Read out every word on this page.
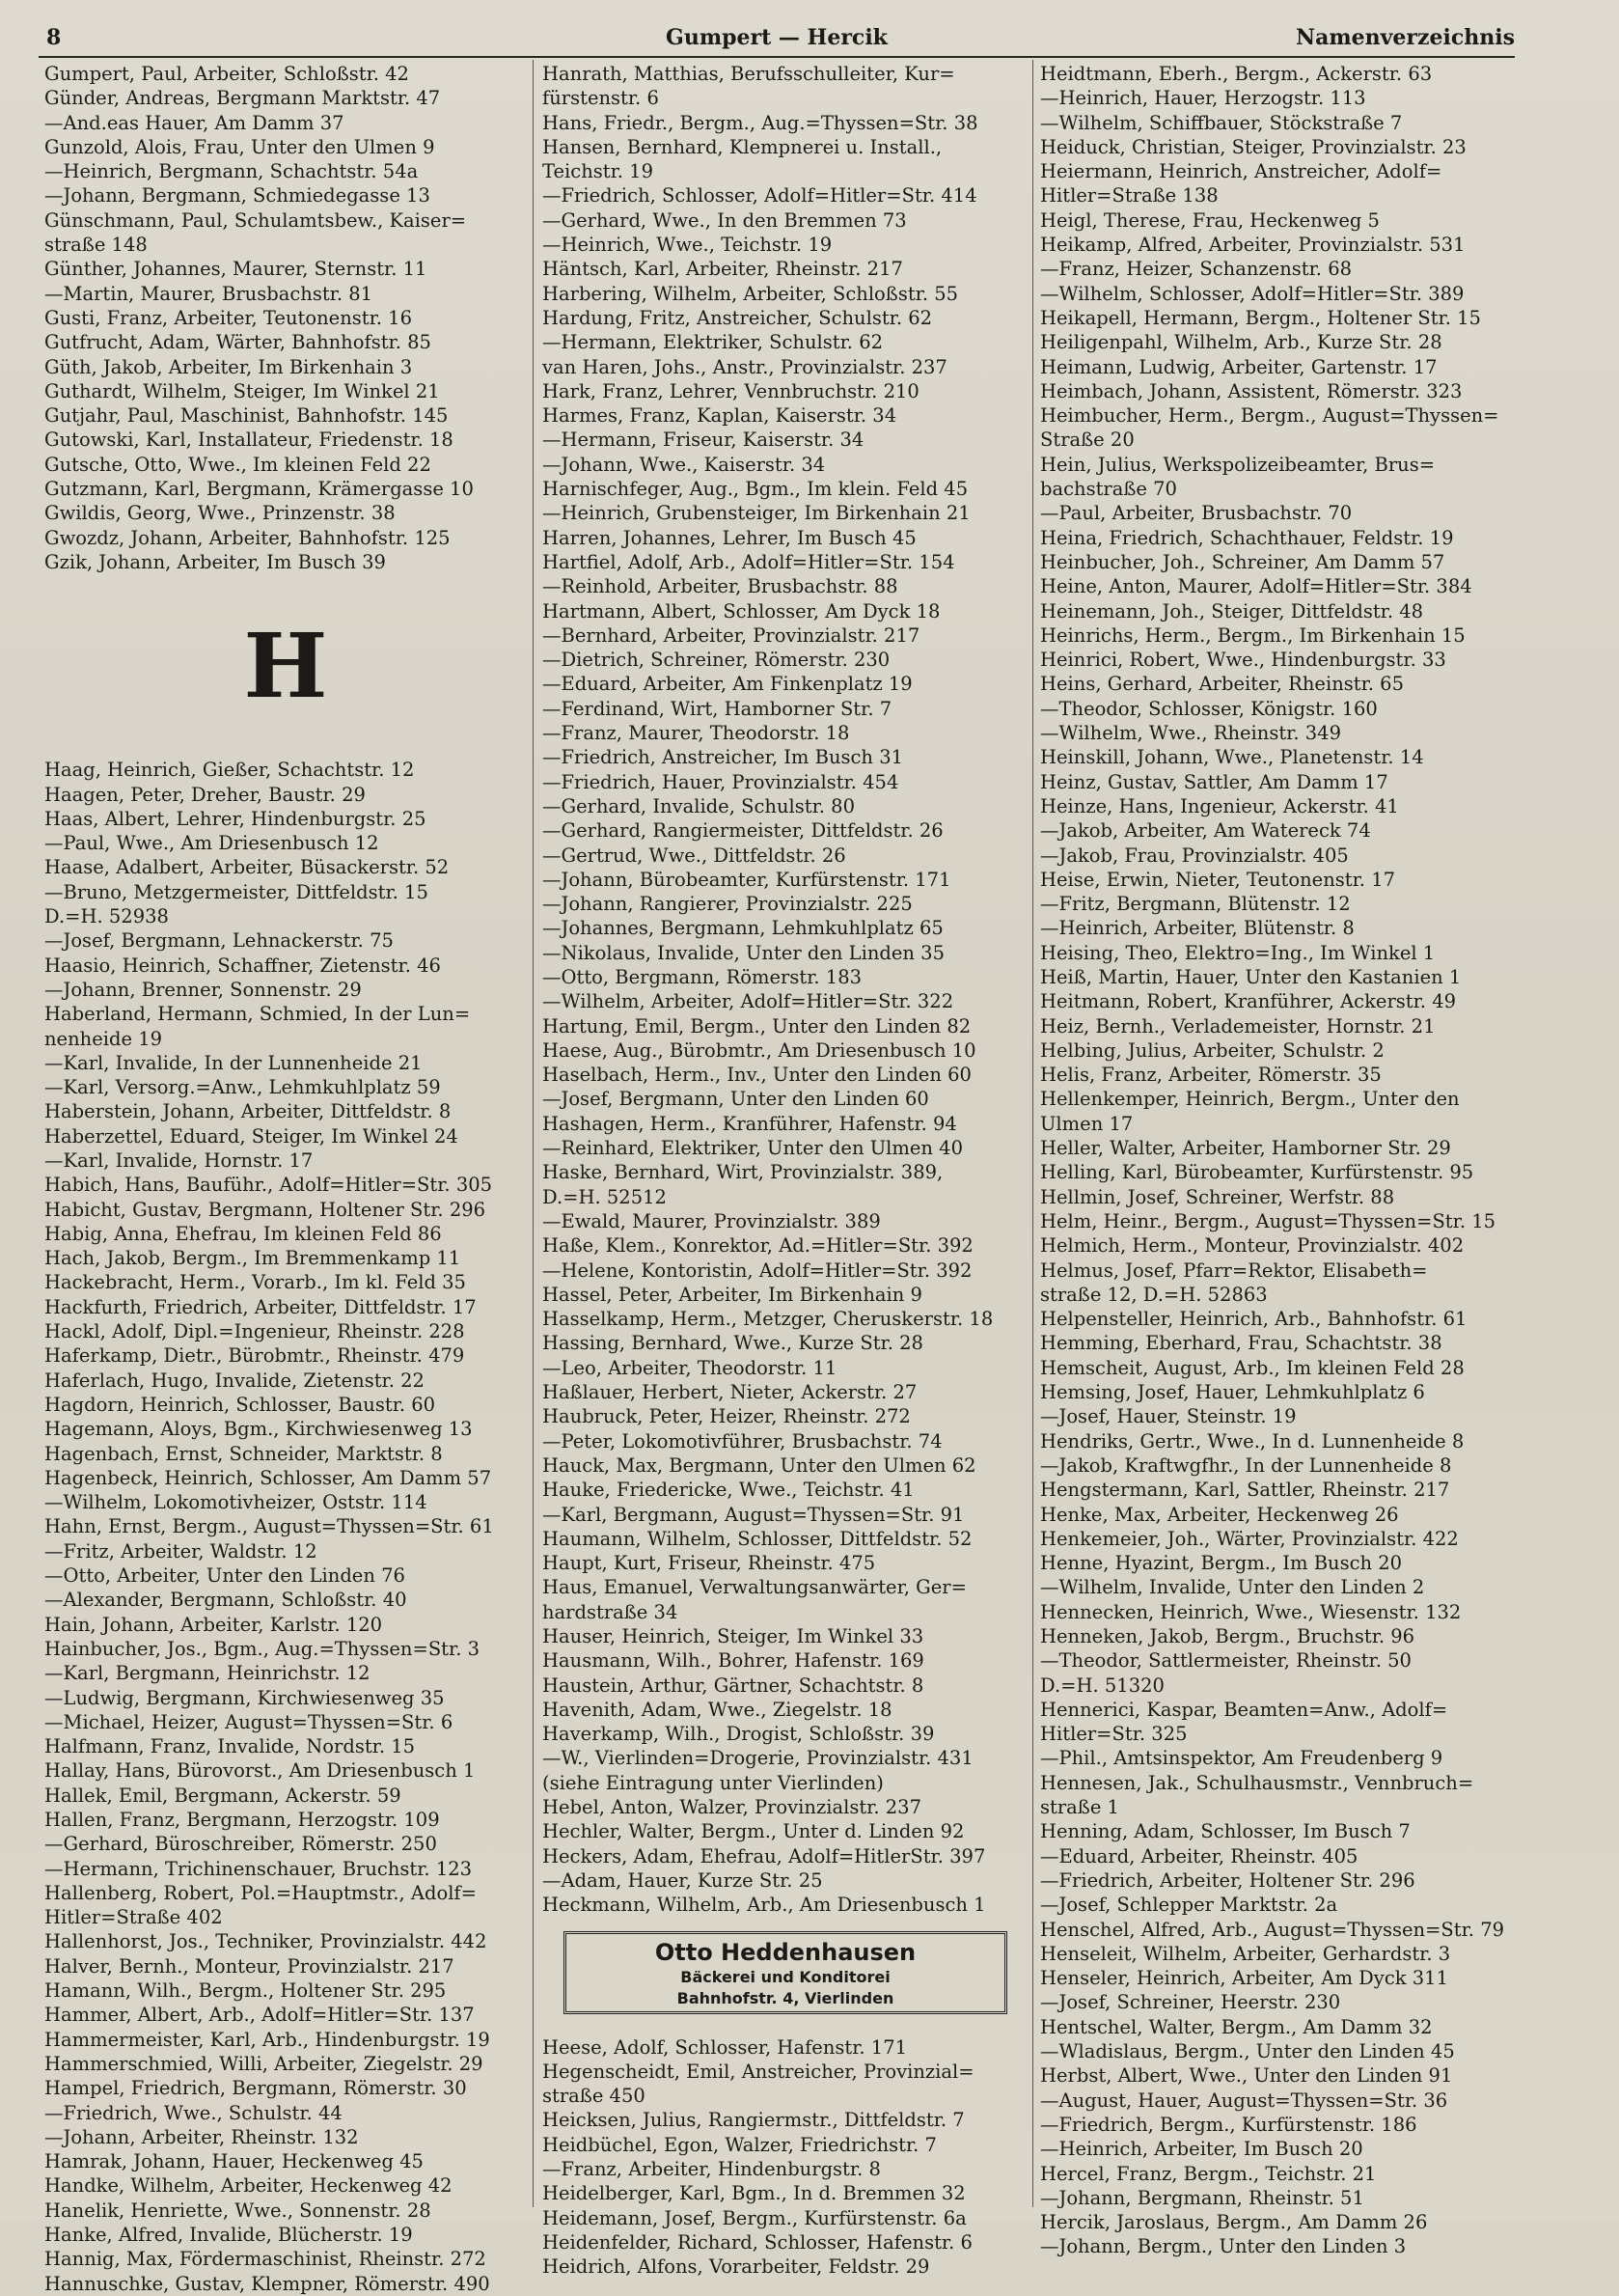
8	Gumpert — Hercik	Namenverzeichnis
Gumpert, Paul, Arbeiter, Schloßstr. 42
Günder, Andreas, Bergmann Marktstr. 47
—And.eas Hauer, Am Damm 37
Gunzold, Alois, Frau, Unter den Ulmen 9
—Heinrich, Bergmann, Schachtstr. 54a
—Johann, Bergmann, Schmiedegasse 13
Günschmann, Paul, Schulamtsbew., Kaiser=
straße 148
Günther, Johannes, Maurer, Sternstr. 11
—Martin, Maurer, Brusbachstr. 81
Gusti, Franz, Arbeiter, Teutonenstr. 16
Gutfrucht, Adam, Wärter, Bahnhofstr. 85
Güth, Jakob, Arbeiter, Im Birkenhain 3
Guthardt, Wilhelm, Steiger, Im Winkel 21
Gutjahr, Paul, Maschinist, Bahnhofstr. 145
Gutowski, Karl, Installateur, Friedenstr. 18
Gutsche, Otto, Wwe., Im kleinen Feld 22
Gutzmann, Karl, Bergmann, Krämergasse 10
Gwildis, Georg, Wwe., Prinzenstr. 38
Gwozdz, Johann, Arbeiter, Bahnhofstr. 125
Gzik, Johann, Arbeiter, Im Busch 39
H
Haag, Heinrich, Gießer, Schachtstr. 12
Haagen, Peter, Dreher, Baustr. 29
Haas, Albert, Lehrer, Hindenburgstr. 25
—Paul, Wwe., Am Driesenbusch 12
Haase, Adalbert, Arbeiter, Büsackerstr. 52
—Bruno, Metzgermeister, Dittfeldstr. 15
D.=H. 52938
—Josef, Bergmann, Lehnackerstr. 75
Haasio, Heinrich, Schaffner, Zietenstr. 46
—Johann, Brenner, Sonnenstr. 29
Haberland, Hermann, Schmied, In der Lun=
nenheide 19
—Karl, Invalide, In der Lunnenheide 21
—Karl, Versorg.=Anw., Lehmkuhlplatz 59
Haberstein, Johann, Arbeiter, Dittfeldstr. 8
Haberzettel, Eduard, Steiger, Im Winkel 24
—Karl, Invalide, Hornstr. 17
Habich, Hans, Bauführ., Adolf=Hitler=Str. 305
Habicht, Gustav, Bergmann, Holtener Str. 296
Habig, Anna, Ehefrau, Im kleinen Feld 86
Hach, Jakob, Bergm., Im Bremmenkamp 11
Hackebracht, Herm., Vorarb., Im kl. Feld 35
Hackfurth, Friedrich, Arbeiter, Dittfeldstr. 17
Hackl, Adolf, Dipl.=Ingenieur, Rheinstr. 228
Haferkamp, Dietr., Bürobmtr., Rheinstr. 479
Haferlach, Hugo, Invalide, Zietenstr. 22
Hagdorn, Heinrich, Schlosser, Baustr. 60
Hagemann, Aloys, Bgm., Kirchwiesenweg 13
Hagenbach, Ernst, Schneider, Marktstr. 8
Hagenbeck, Heinrich, Schlosser, Am Damm 57
—Wilhelm, Lokomotivheizer, Oststr. 114
Hahn, Ernst, Bergm., August=Thyssen=Str. 61
—Fritz, Arbeiter, Waldstr. 12
—Otto, Arbeiter, Unter den Linden 76
—Alexander, Bergmann, Schloßstr. 40
Hain, Johann, Arbeiter, Karlstr. 120
Hainbucher, Jos., Bgm., Aug.=Thyssen=Str. 3
—Karl, Bergmann, Heinrichstr. 12
—Ludwig, Bergmann, Kirchwiesenweg 35
—Michael, Heizer, August=Thyssen=Str. 6
Halfmann, Franz, Invalide, Nordstr. 15
Hallay, Hans, Bürovorst., Am Driesenbusch 1
Hallek, Emil, Bergmann, Ackerstr. 59
Hallen, Franz, Bergmann, Herzogstr. 109
—Gerhard, Büroschreiber, Römerstr. 250
—Hermann, Trichinenschauer, Bruchstr. 123
Hallenberg, Robert, Pol.=Hauptmstr., Adolf=
Hitler=Straße 402
Hallenhorst, Jos., Techniker, Provinzialstr. 442
Halver, Bernh., Monteur, Provinzialstr. 217
Hamann, Wilh., Bergm., Holtener Str. 295
Hammer, Albert, Arb., Adolf=Hitler=Str. 137
Hammermeister, Karl, Arb., Hindenburgstr. 19
Hammerschmied, Willi, Arbeiter, Ziegelstr. 29
Hampel, Friedrich, Bergmann, Römerstr. 30
—Friedrich, Wwe., Schulstr. 44
—Johann, Arbeiter, Rheinstr. 132
Hamrak, Johann, Hauer, Heckenweg 45
Handke, Wilhelm, Arbeiter, Heckenweg 42
Hanelik, Henriette, Wwe., Sonnenstr. 28
Hanke, Alfred, Invalide, Blücherstr. 19
Hannig, Max, Fördermaschinist, Rheinstr. 272
Hannuschke, Gustav, Klempner, Römerstr. 490
Hanrath, Matthias, Berufsschulleiter, Kur=
fürstenstr. 6
Hans, Friedr., Bergm., Aug.=Thyssen=Str. 38
Hansen, Bernhard, Klempnerei u. Install.,
Teichstr. 19
—Friedrich, Schlosser, Adolf=Hitler=Str. 414
—Gerhard, Wwe., In den Bremmen 73
—Heinrich, Wwe., Teichstr. 19
Häntsch, Karl, Arbeiter, Rheinstr. 217
Harbering, Wilhelm, Arbeiter, Schloßstr. 55
Hardung, Fritz, Anstreicher, Schulstr. 62
—Hermann, Elektriker, Schulstr. 62
van Haren, Johs., Anstr., Provinzialstr. 237
Hark, Franz, Lehrer, Vennbruchstr. 210
Harmes, Franz, Kaplan, Kaiserstr. 34
—Hermann, Friseur, Kaiserstr. 34
—Johann, Wwe., Kaiserstr. 34
Harnischfeger, Aug., Bgm., Im klein. Feld 45
—Heinrich, Grubensteiger, Im Birkenhain 21
Harren, Johannes, Lehrer, Im Busch 45
Hartfiel, Adolf, Arb., Adolf=Hitler=Str. 154
—Reinhold, Arbeiter, Brusbachstr. 88
Hartmann, Albert, Schlosser, Am Dyck 18
—Bernhard, Arbeiter, Provinzialstr. 217
—Dietrich, Schreiner, Römerstr. 230
—Eduard, Arbeiter, Am Finkenplatz 19
—Ferdinand, Wirt, Hamborner Str. 7
—Franz, Maurer, Theodorstr. 18
—Friedrich, Anstreicher, Im Busch 31
—Friedrich, Hauer, Provinzialstr. 454
—Gerhard, Invalide, Schulstr. 80
—Gerhard, Rangiermeister, Dittfeldstr. 26
—Gertrud, Wwe., Dittfeldstr. 26
—Johann, Bürobeamter, Kurfürstenstr. 171
—Johann, Rangierer, Provinzialstr. 225
—Johannes, Bergmann, Lehmkuhlplatz 65
—Nikolaus, Invalide, Unter den Linden 35
—Otto, Bergmann, Römerstr. 183
—Wilhelm, Arbeiter, Adolf=Hitler=Str. 322
Hartung, Emil, Bergm., Unter den Linden 82
Haese, Aug., Bürobmtr., Am Driesenbusch 10
Haselbach, Herm., Inv., Unter den Linden 60
—Josef, Bergmann, Unter den Linden 60
Hashagen, Herm., Kranführer, Hafenstr. 94
—Reinhard, Elektriker, Unter den Ulmen 40
Haske, Bernhard, Wirt, Provinzialstr. 389,
D.=H. 52512
—Ewald, Maurer, Provinzialstr. 389
Haße, Klem., Konrektor, Ad.=Hitler=Str. 392
—Helene, Kontoristin, Adolf=Hitler=Str. 392
Hassel, Peter, Arbeiter, Im Birkenhain 9
Hasselkamp, Herm., Metzger, Cheruskerstr. 18
Hassing, Bernhard, Wwe., Kurze Str. 28
—Leo, Arbeiter, Theodorstr. 11
Haßlauer, Herbert, Nieter, Ackerstr. 27
Haubruck, Peter, Heizer, Rheinstr. 272
—Peter, Lokomotivführer, Brusbachstr. 74
Hauck, Max, Bergmann, Unter den Ulmen 62
Hauke, Friedericke, Wwe., Teichstr. 41
—Karl, Bergmann, August=Thyssen=Str. 91
Haumann, Wilhelm, Schlosser, Dittfeldstr. 52
Haupt, Kurt, Friseur, Rheinstr. 475
Haus, Emanuel, Verwaltungsanwärter, Ger=
hardstraße 34
Hauser, Heinrich, Steiger, Im Winkel 33
Hausmann, Wilh., Bohrer, Hafenstr. 169
Haustein, Arthur, Gärtner, Schachtstr. 8
Havenith, Adam, Wwe., Ziegelstr. 18
Haverkamp, Wilh., Drogist, Schloßstr. 39
—W., Vierlinden=Drogerie, Provinzialstr. 431
(siehe Eintragung unter Vierlinden)
Hebel, Anton, Walzer, Provinzialstr. 237
Hechler, Walter, Bergm., Unter d. Linden 92
Heckers, Adam, Ehefrau, Adolf=HitlerStr. 397
—Adam, Hauer, Kurze Str. 25
Heckmann, Wilhelm, Arb., Am Driesenbusch 1
Otto Heddenhausen
Bäckerei und Konditorei
Bahnhofstr. 4, Vierlinden
Heese, Adolf, Schlosser, Hafenstr. 171
Hegenscheidt, Emil, Anstreicher, Provinzial=
straße 450
Heicksen, Julius, Rangiermstr., Dittfeldstr. 7
Heidbüchel, Egon, Walzer, Friedrichstr. 7
—Franz, Arbeiter, Hindenburgstr. 8
Heidelberger, Karl, Bgm., In d. Bremmen 32
Heidemann, Josef, Bergm., Kurfürstenstr. 6a
Heidenfelder, Richard, Schlosser, Hafenstr. 6
Heidrich, Alfons, Vorarbeiter, Feldstr. 29
Heidtmann, Eberh., Bergm., Ackerstr. 63
—Heinrich, Hauer, Herzogstr. 113
—Wilhelm, Schiffbauer, Stöckstraße 7
Heiduck, Christian, Steiger, Provinzialstr. 23
Heiermann, Heinrich, Anstreicher, Adolf=
Hitler=Straße 138
Heigl, Therese, Frau, Heckenweg 5
Heikamp, Alfred, Arbeiter, Provinzialstr. 531
—Franz, Heizer, Schanzenstr. 68
—Wilhelm, Schlosser, Adolf=Hitler=Str. 389
Heikapell, Hermann, Bergm., Holtener Str. 15
Heiligenpahl, Wilhelm, Arb., Kurze Str. 28
Heimann, Ludwig, Arbeiter, Gartenstr. 17
Heimbach, Johann, Assistent, Römerstr. 323
Heimbucher, Herm., Bergm., August=Thyssen=
Straße 20
Hein, Julius, Werkspolizeibeamter, Brus=
bachstraße 70
—Paul, Arbeiter, Brusbachstr. 70
Heina, Friedrich, Schachthauer, Feldstr. 19
Heinbucher, Joh., Schreiner, Am Damm 57
Heine, Anton, Maurer, Adolf=Hitler=Str. 384
Heinemann, Joh., Steiger, Dittfeldstr. 48
Heinrichs, Herm., Bergm., Im Birkenhain 15
Heinrici, Robert, Wwe., Hindenburgstr. 33
Heins, Gerhard, Arbeiter, Rheinstr. 65
—Theodor, Schlosser, Königstr. 160
—Wilhelm, Wwe., Rheinstr. 349
Heinskill, Johann, Wwe., Planetenstr. 14
Heinz, Gustav, Sattler, Am Damm 17
Heinze, Hans, Ingenieur, Ackerstr. 41
—Jakob, Arbeiter, Am Watereck 74
—Jakob, Frau, Provinzialstr. 405
Heise, Erwin, Nieter, Teutonenstr. 17
—Fritz, Bergmann, Blütenstr. 12
—Heinrich, Arbeiter, Blütenstr. 8
Heising, Theo, Elektro=Ing., Im Winkel 1
Heiß, Martin, Hauer, Unter den Kastanien 1
Heitmann, Robert, Kranführer, Ackerstr. 49
Heiz, Bernh., Verlademeister, Hornstr. 21
Helbing, Julius, Arbeiter, Schulstr. 2
Helis, Franz, Arbeiter, Römerstr. 35
Hellenkemper, Heinrich, Bergm., Unter den
Ulmen 17
Heller, Walter, Arbeiter, Hamborner Str. 29
Helling, Karl, Bürobeamter, Kurfürstenstr. 95
Hellmin, Josef, Schreiner, Werfstr. 88
Helm, Heinr., Bergm., August=Thyssen=Str. 15
Helmich, Herm., Monteur, Provinzialstr. 402
Helmus, Josef, Pfarr=Rektor, Elisabeth=
straße 12, D.=H. 52863
Helpensteller, Heinrich, Arb., Bahnhofstr. 61
Hemming, Eberhard, Frau, Schachtstr. 38
Hemscheit, August, Arb., Im kleinen Feld 28
Hemsing, Josef, Hauer, Lehmkuhlplatz 6
—Josef, Hauer, Steinstr. 19
Hendriks, Gertr., Wwe., In d. Lunnenheide 8
—Jakob, Kraftwgfhr., In der Lunnenheide 8
Hengstermann, Karl, Sattler, Rheinstr. 217
Henke, Max, Arbeiter, Heckenweg 26
Henkemeier, Joh., Wärter, Provinzialstr. 422
Henne, Hyazint, Bergm., Im Busch 20
—Wilhelm, Invalide, Unter den Linden 2
Hennecken, Heinrich, Wwe., Wiesenstr. 132
Henneken, Jakob, Bergm., Bruchstr. 96
—Theodor, Sattlermeister, Rheinstr. 50
D.=H. 51320
Hennerici, Kaspar, Beamten=Anw., Adolf=
Hitler=Str. 325
—Phil., Amtsinspektor, Am Freudenberg 9
Hennesen, Jak., Schulhausmstr., Vennbruch=
straße 1
Henning, Adam, Schlosser, Im Busch 7
—Eduard, Arbeiter, Rheinstr. 405
—Friedrich, Arbeiter, Holtener Str. 296
—Josef, Schlepper Marktstr. 2a
Henschel, Alfred, Arb., August=Thyssen=Str. 79
Henseleit, Wilhelm, Arbeiter, Gerhardstr. 3
Henseler, Heinrich, Arbeiter, Am Dyck 311
—Josef, Schreiner, Heerstr. 230
Hentschel, Walter, Bergm., Am Damm 32
—Wladislaus, Bergm., Unter den Linden 45
Herbst, Albert, Wwe., Unter den Linden 91
—August, Hauer, August=Thyssen=Str. 36
—Friedrich, Bergm., Kurfürstenstr. 186
—Heinrich, Arbeiter, Im Busch 20
Hercel, Franz, Bergm., Teichstr. 21
—Johann, Bergmann, Rheinstr. 51
Hercik, Jaroslaus, Bergm., Am Damm 26
—Johann, Bergm., Unter den Linden 3
